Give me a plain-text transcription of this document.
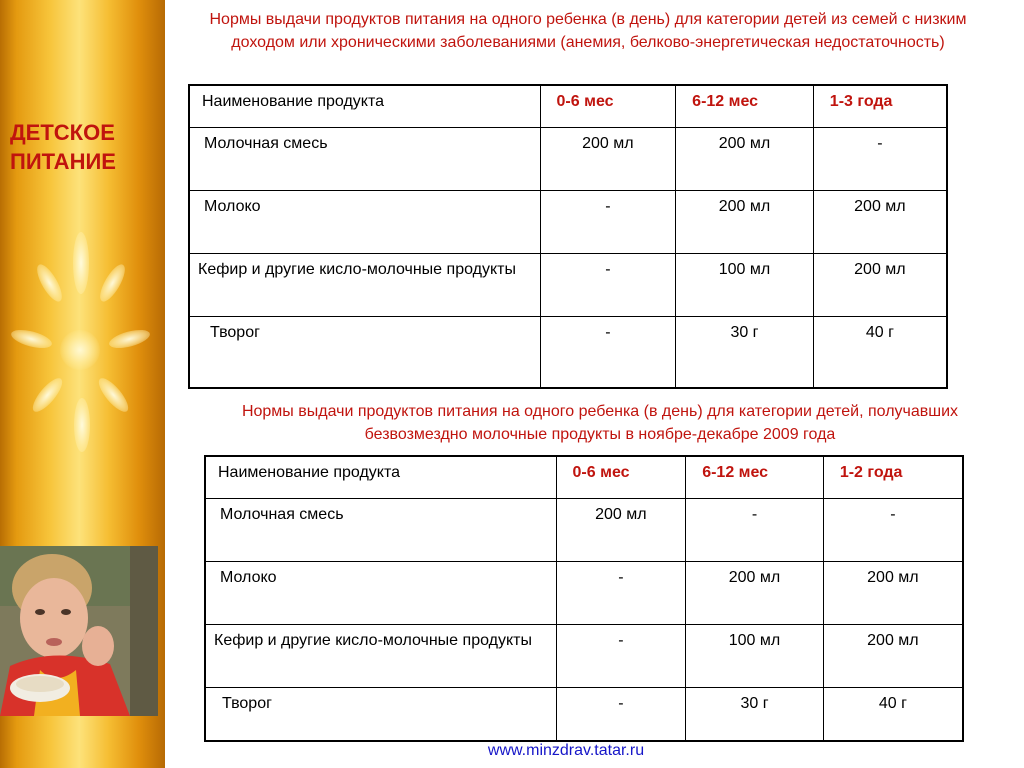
ДЕТСКОЕ ПИТАНИЕ

Нормы выдачи продуктов питания на одного ребенка (в день) для категории детей из семей с низким доходом или хроническими заболеваниями (анемия, белково-энергетическая недостаточность)

Наименование продукта	0-6 мес	6-12 мес	1-3 года
Молочная смесь	200 мл	200 мл	-
Молоко	-	200 мл	200 мл
Кефир и другие кисло-молочные продукты	-	100 мл	200 мл
Творог	-	30 г	40 г

Нормы выдачи продуктов питания на одного ребенка (в день) для категории детей, получавших безвозмездно молочные продукты в ноябре-декабре 2009 года

Наименование продукта	0-6 мес	6-12 мес	1-2 года
Молочная смесь	200 мл	-	-
Молоко	-	200 мл	200 мл
Кефир и другие кисло-молочные продукты	-	100 мл	200 мл
Творог	-	30 г	40 г

www.minzdrav.tatar.ru
